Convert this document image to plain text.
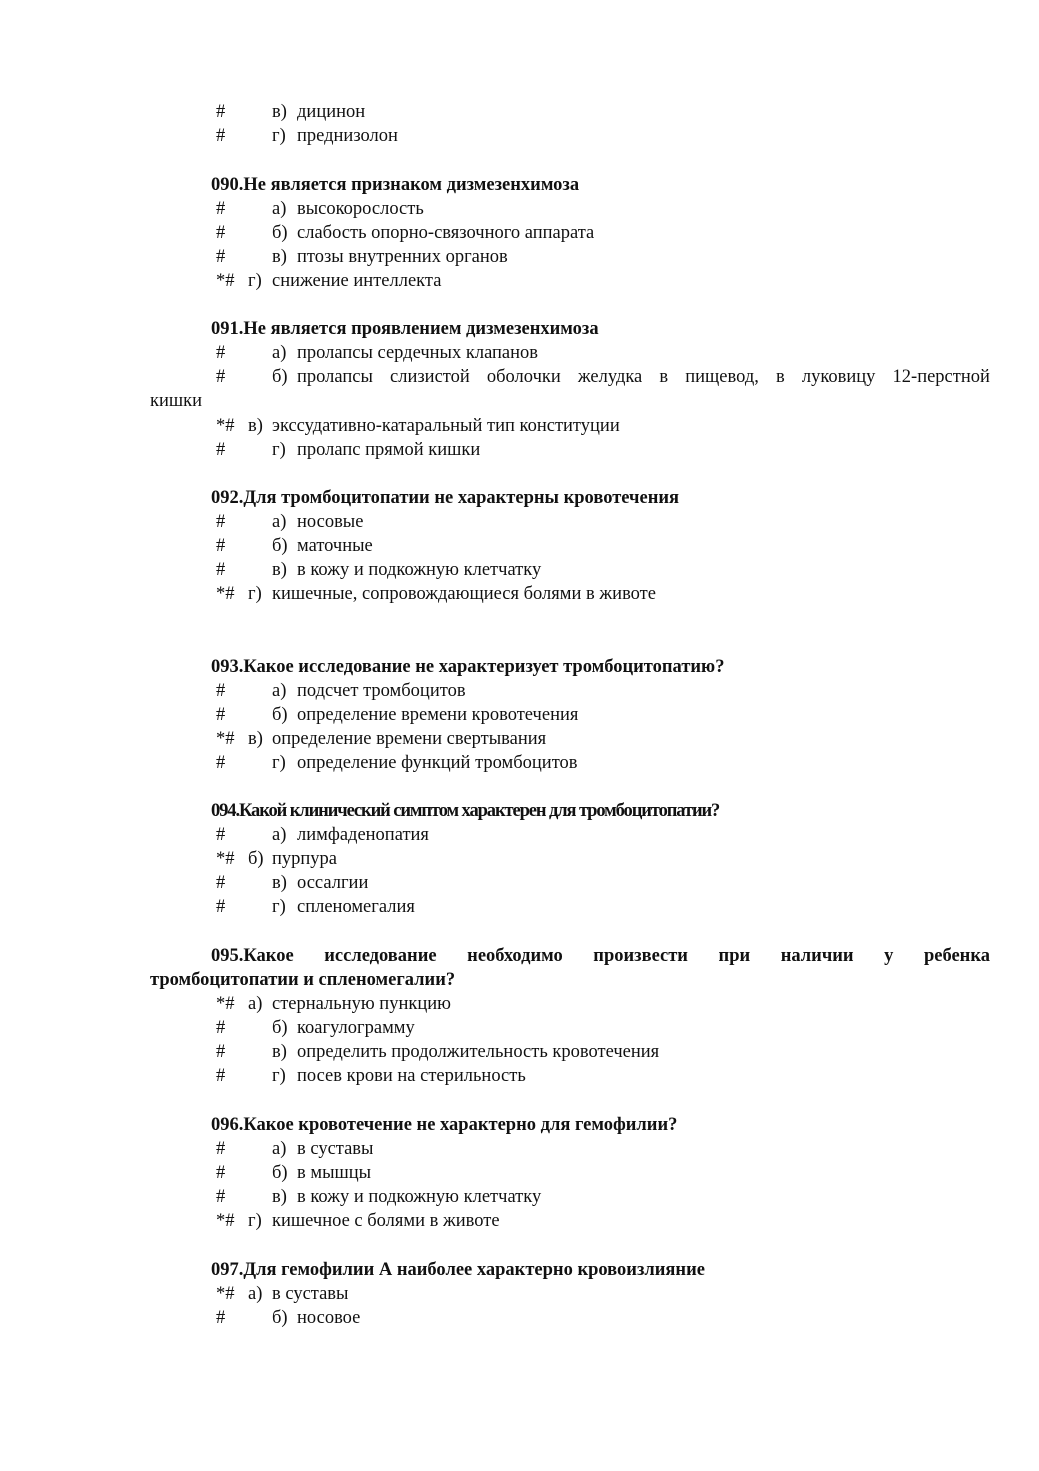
#	в) дицинон
#	г) преднизолон
090.Не является признаком дизмезенхимоза
#	а) высокорослость
#	б) слабость опорно-связочного аппарата
#	в) птозы внутренних органов
*# г) снижение интеллекта
091.Не является проявлением дизмезенхимоза
#	а) пролапсы сердечных клапанов
#	б) пролапсы слизистой оболочки желудка в пищевод, в луковицу 12-перстной
кишки
*# в) экссудативно-катаральный тип конституции
#	г) пролапс прямой кишки
092.Для тромбоцитопатии не характерны кровотечения
#	а) носовые
#	б) маточные
#	в) в кожу и подкожную клетчатку
*# г) кишечные, сопровождающиеся болями в животе
093.Какое исследование не характеризует тромбоцитопатию?
#	а) подсчет тромбоцитов
#	б) определение времени кровотечения
*# в) определение времени свертывания
#	г) определение функций тромбоцитов
094.Какой клинический симптом характерен для тромбоцитопатии?
#	а) лимфаденопатия
*# б) пурпура
#	в) оссалгии
#	г) спленомегалия
095.Какое исследование необходимо произвести при наличии у ребенка
тромбоцитопатии и спленомегалии?
*# а) стернальную пункцию
#	б) коагулограмму
#	в) определить продолжительность кровотечения
#	г) посев крови на стерильность
096.Какое кровотечение не характерно для гемофилии?
#	а) в суставы
#	б) в мышцы
#	в) в кожу и подкожную клетчатку
*# г) кишечное с болями в животе
097.Для гемофилии А наиболее характерно кровоизлияние
*# а) в суставы
#	б) носовое
